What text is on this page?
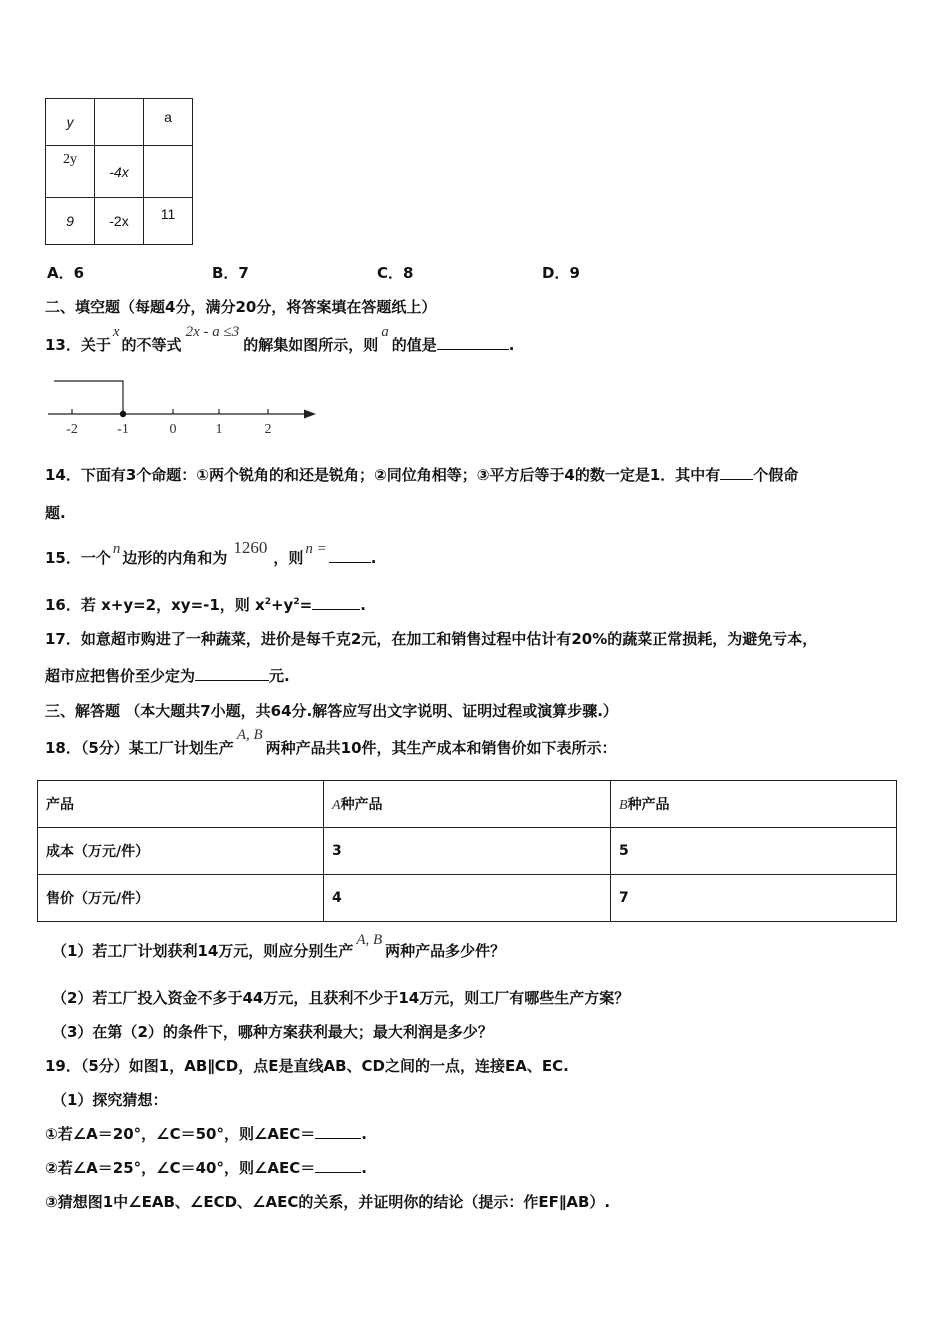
y		a
2y	-4x	
9	-2x	11
A．6	B．7	C．8	D．9
二、填空题（每题4分，满分20分，将答案填在答题纸上）
13．关于x的不等式2x - a ≤3的解集如图所示，则a的值是	.
-2	-1	0	1	2
14．下面有3个命题：①两个锐角的和还是锐角；②同位角相等；③平方后等于4的数一定是1．其中有 个假命
题.
15．一个 n 边形的内角和为1260，则 n =	.
16．若 x+y=2，xy=-1，则 $x^2+y^2=$	.
17．如意超市购进了一种蔬菜，进价是每千克2元，在加工和销售过程中估计有20%的蔬菜正常损耗，为避免亏本，
超市应把售价至少定为	元.
三、解答题 （本大题共7小题，共64分.解答应写出文字说明、证明过程或演算步骤.）
18．（5分）某工厂计划生产A, B两种产品共10件，其生产成本和销售价如下表所示：
产品	A种产品	B种产品
成本（万元/件）	3	5
售价（万元/件）	4	7
（1）若工厂计划获利14万元，则应分别生产A, B两种产品多少件？
（2）若工厂投入资金不多于44万元，且获利不少于14万元，则工厂有哪些生产方案？
（3）在第（2）的条件下，哪种方案获利最大；最大利润是多少？
19．（5分）如图1，AB∥CD，点E是直线AB、CD之间的一点，连接EA、EC.
（1）探究猜想：
①若∠A＝20°，∠C＝50°，则∠AEC＝	.
②若∠A＝25°，∠C＝40°，则∠AEC＝	.
③猜想图1中∠EAB、∠ECD、∠AEC的关系，并证明你的结论（提示：作EF∥AB）.
